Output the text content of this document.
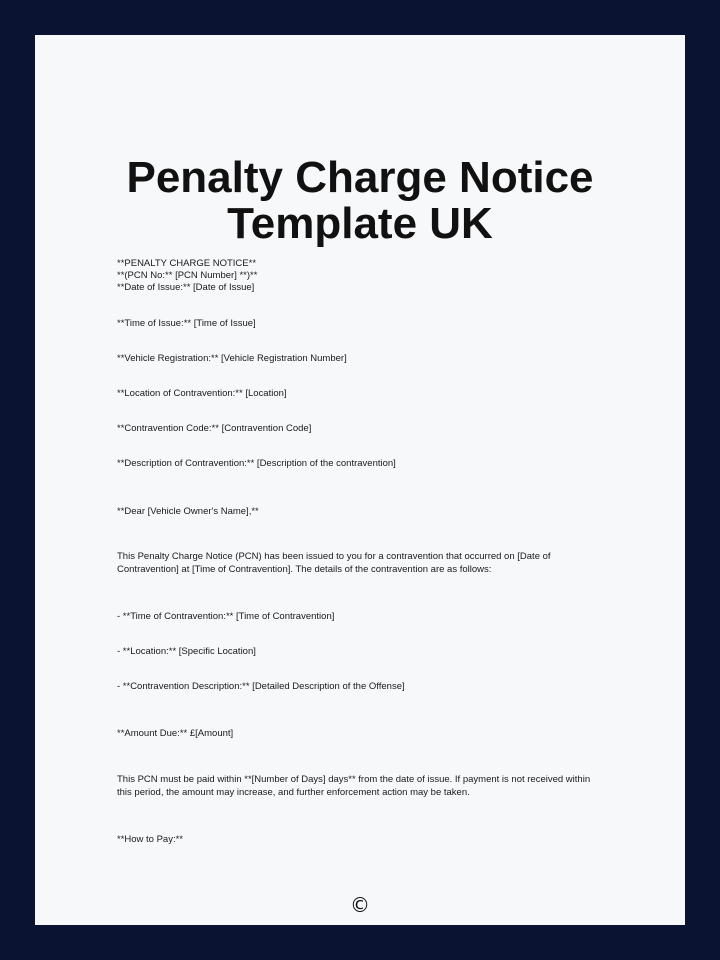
Penalty Charge Notice
Template UK

**PENALTY CHARGE NOTICE**

**(PCN No:** [PCN Number] **)**

**Date of Issue:** [Date of Issue]

**Time of Issue:** [Time of Issue]

**Vehicle Registration:** [Vehicle Registration Number]

**Location of Contravention:** [Location]

**Contravention Code:** [Contravention Code]

**Description of Contravention:** [Description of the contravention]

**Dear [Vehicle Owner's Name],**

This Penalty Charge Notice (PCN) has been issued to you for a contravention that occurred on [Date of Contravention] at [Time of Contravention]. The details of the contravention are as follows:

- **Time of Contravention:** [Time of Contravention]

- **Location:** [Specific Location]

- **Contravention Description:** [Detailed Description of the Offense]

**Amount Due:** £[Amount]

This PCN must be paid within **[Number of Days] days** from the date of issue. If payment is not received within this period, the amount may increase, and further enforcement action may be taken.

**How to Pay:**

©
